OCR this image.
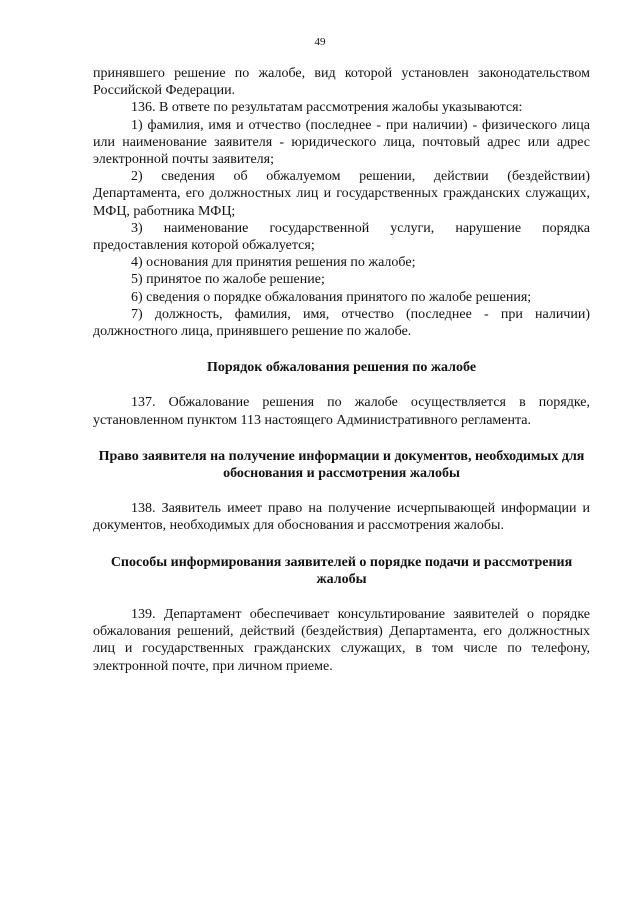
49

принявшего решение по жалобе, вид которой установлен законодательством Российской Федерации.

136. В ответе по результатам рассмотрения жалобы указываются:

1) фамилия, имя и отчество (последнее - при наличии) - физического лица или наименование заявителя - юридического лица, почтовый адрес или адрес электронной почты заявителя;

2) сведения об обжалуемом решении, действии (бездействии) Департамента, его должностных лиц и государственных гражданских служащих, МФЦ, работника МФЦ;

3) наименование государственной услуги, нарушение порядка предоставления которой обжалуется;

4) основания для принятия решения по жалобе;

5) принятое по жалобе решение;

6) сведения о порядке обжалования принятого по жалобе решения;

7) должность, фамилия, имя, отчество (последнее - при наличии) должностного лица, принявшего решение по жалобе.

Порядок обжалования решения по жалобе

137. Обжалование решения по жалобе осуществляется в порядке, установленном пунктом 113 настоящего Административного регламента.

Право заявителя на получение информации и документов, необходимых для обоснования и рассмотрения жалобы

138. Заявитель имеет право на получение исчерпывающей информации и документов, необходимых для обоснования и рассмотрения жалобы.

Способы информирования заявителей о порядке подачи и рассмотрения жалобы

139. Департамент обеспечивает консультирование заявителей о порядке обжалования решений, действий (бездействия) Департамента, его должностных лиц и государственных гражданских служащих, в том числе по телефону, электронной почте, при личном приеме.
